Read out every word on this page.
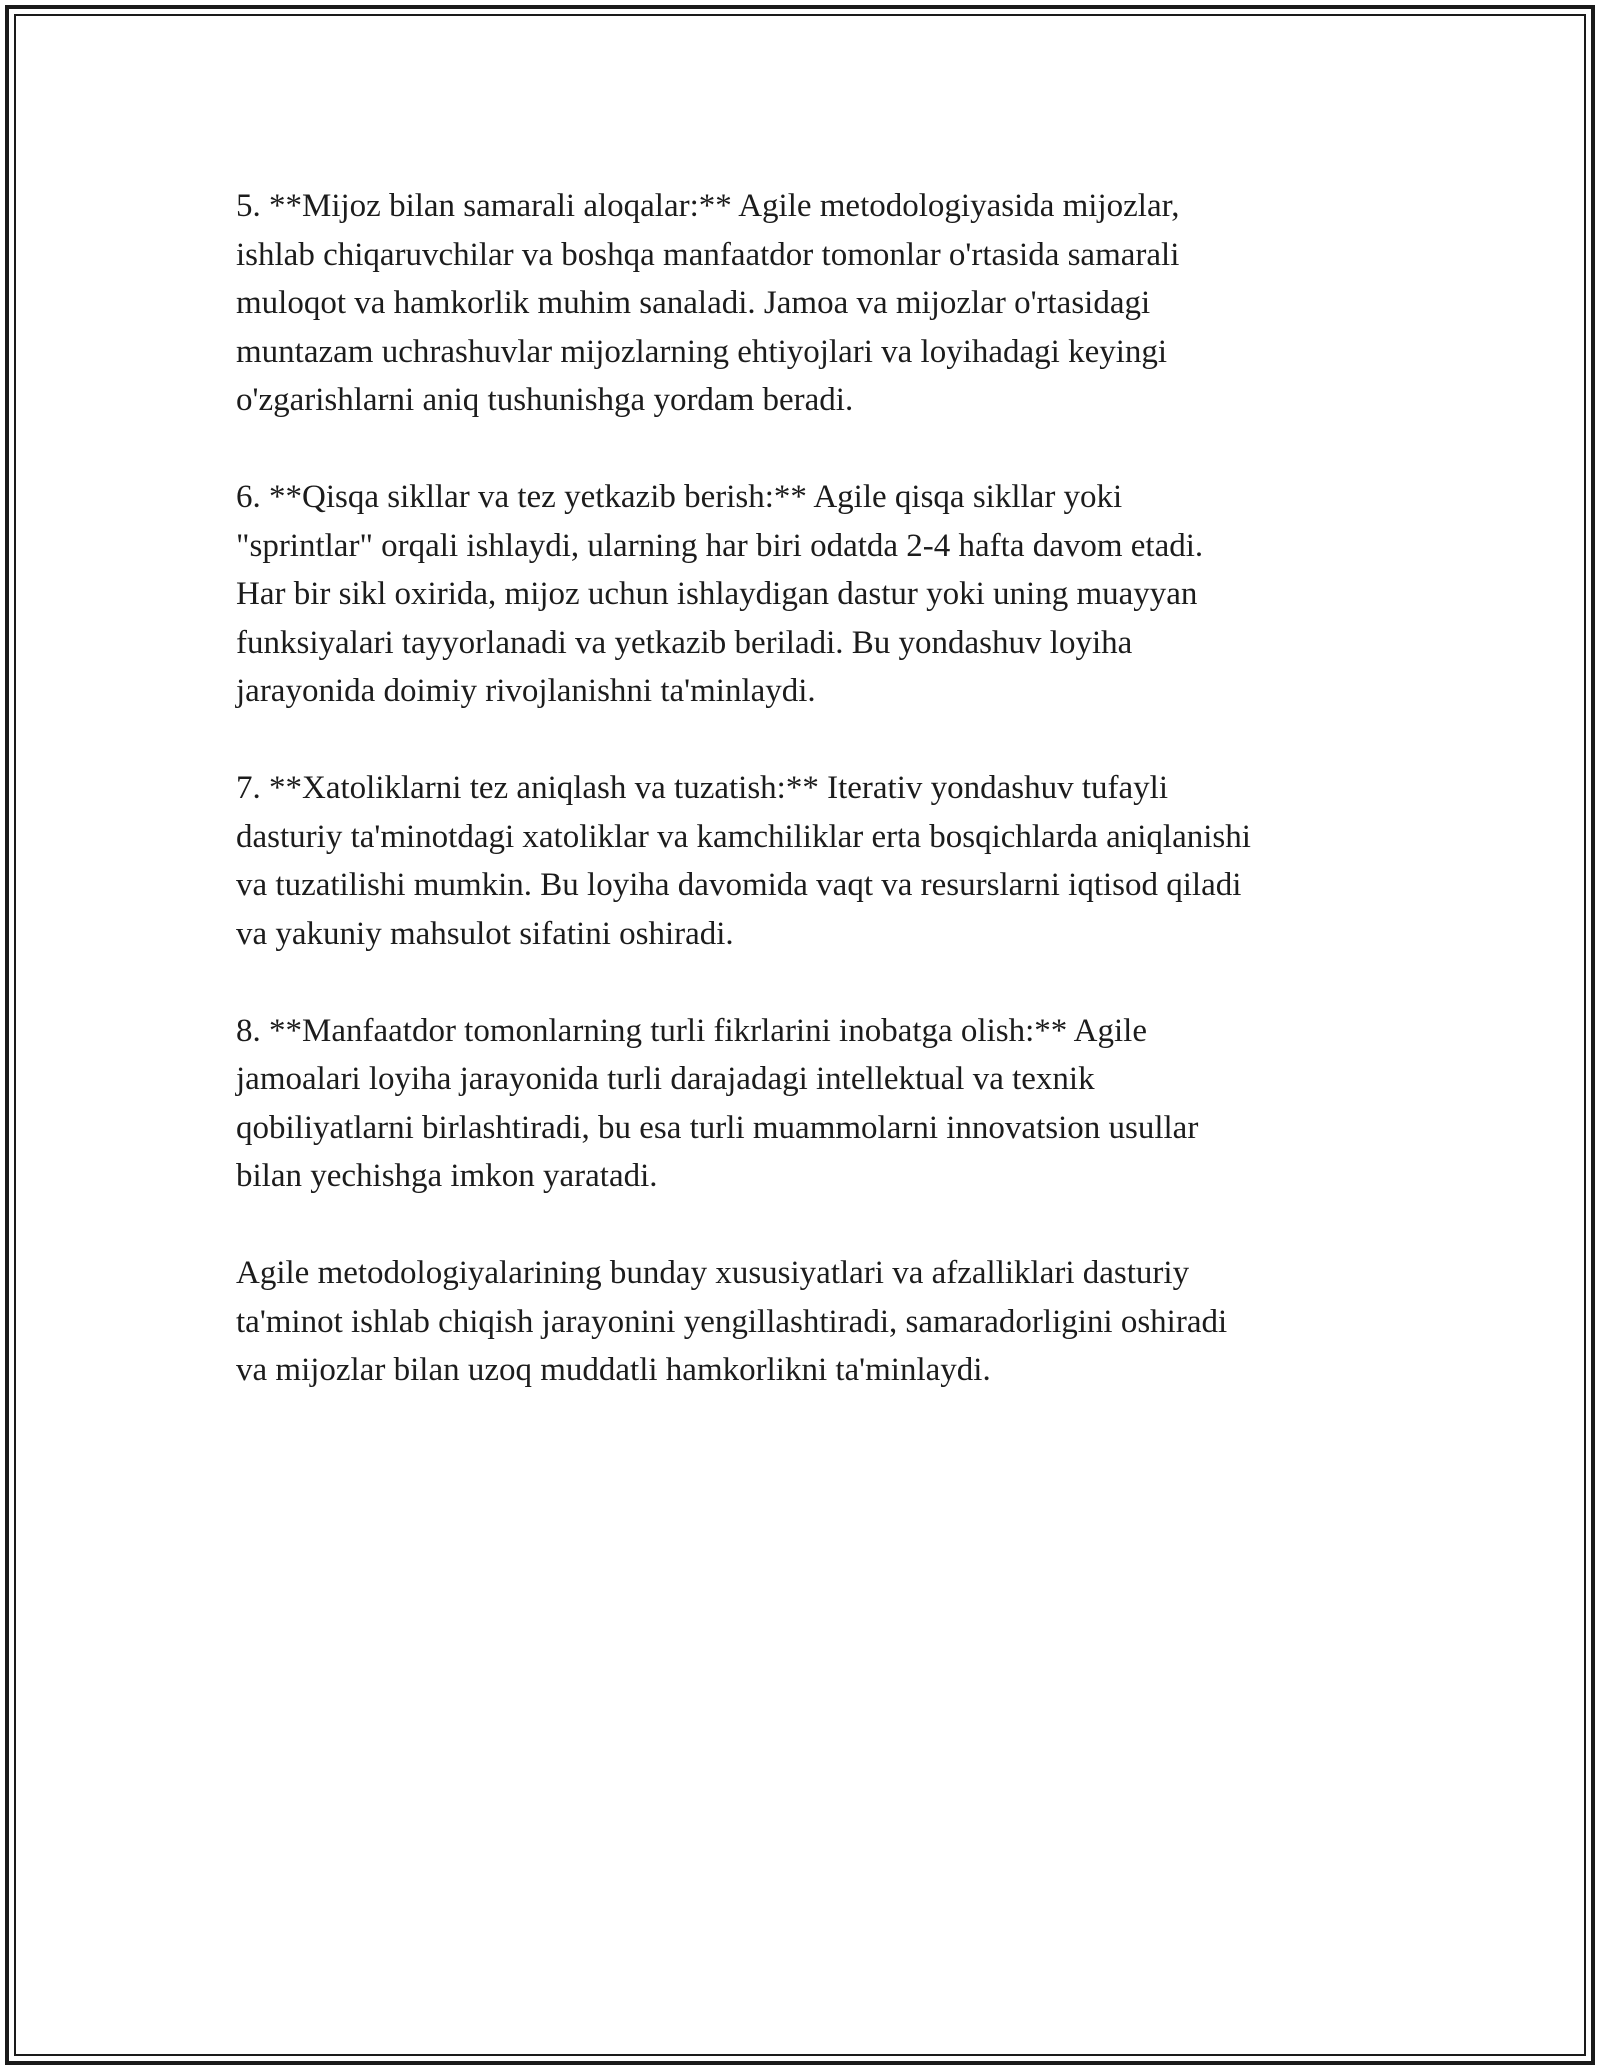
5. **Mijoz bilan samarali aloqalar:** Agile metodologiyasida mijozlar,
ishlab chiqaruvchilar va boshqa manfaatdor tomonlar o'rtasida samarali
muloqot va hamkorlik muhim sanaladi. Jamoa va mijozlar o'rtasidagi
muntazam uchrashuvlar mijozlarning ehtiyojlari va loyihadagi keyingi
o'zgarishlarni aniq tushunishga yordam beradi.

6. **Qisqa sikllar va tez yetkazib berish:** Agile qisqa sikllar yoki
"sprintlar" orqali ishlaydi, ularning har biri odatda 2-4 hafta davom etadi.
Har bir sikl oxirida, mijoz uchun ishlaydigan dastur yoki uning muayyan
funksiyalari tayyorlanadi va yetkazib beriladi. Bu yondashuv loyiha
jarayonida doimiy rivojlanishni ta'minlaydi.

7. **Xatoliklarni tez aniqlash va tuzatish:** Iterativ yondashuv tufayli
dasturiy ta'minotdagi xatoliklar va kamchiliklar erta bosqichlarda aniqlanishi
va tuzatilishi mumkin. Bu loyiha davomida vaqt va resurslarni iqtisod qiladi
va yakuniy mahsulot sifatini oshiradi.

8. **Manfaatdor tomonlarning turli fikrlarini inobatga olish:** Agile
jamoalari loyiha jarayonida turli darajadagi intellektual va texnik
qobiliyatlarni birlashtiradi, bu esa turli muammolarni innovatsion usullar
bilan yechishga imkon yaratadi.

Agile metodologiyalarining bunday xususiyatlari va afzalliklari dasturiy
ta'minot ishlab chiqish jarayonini yengillashtiradi, samaradorligini oshiradi
va mijozlar bilan uzoq muddatli hamkorlikni ta'minlaydi.
